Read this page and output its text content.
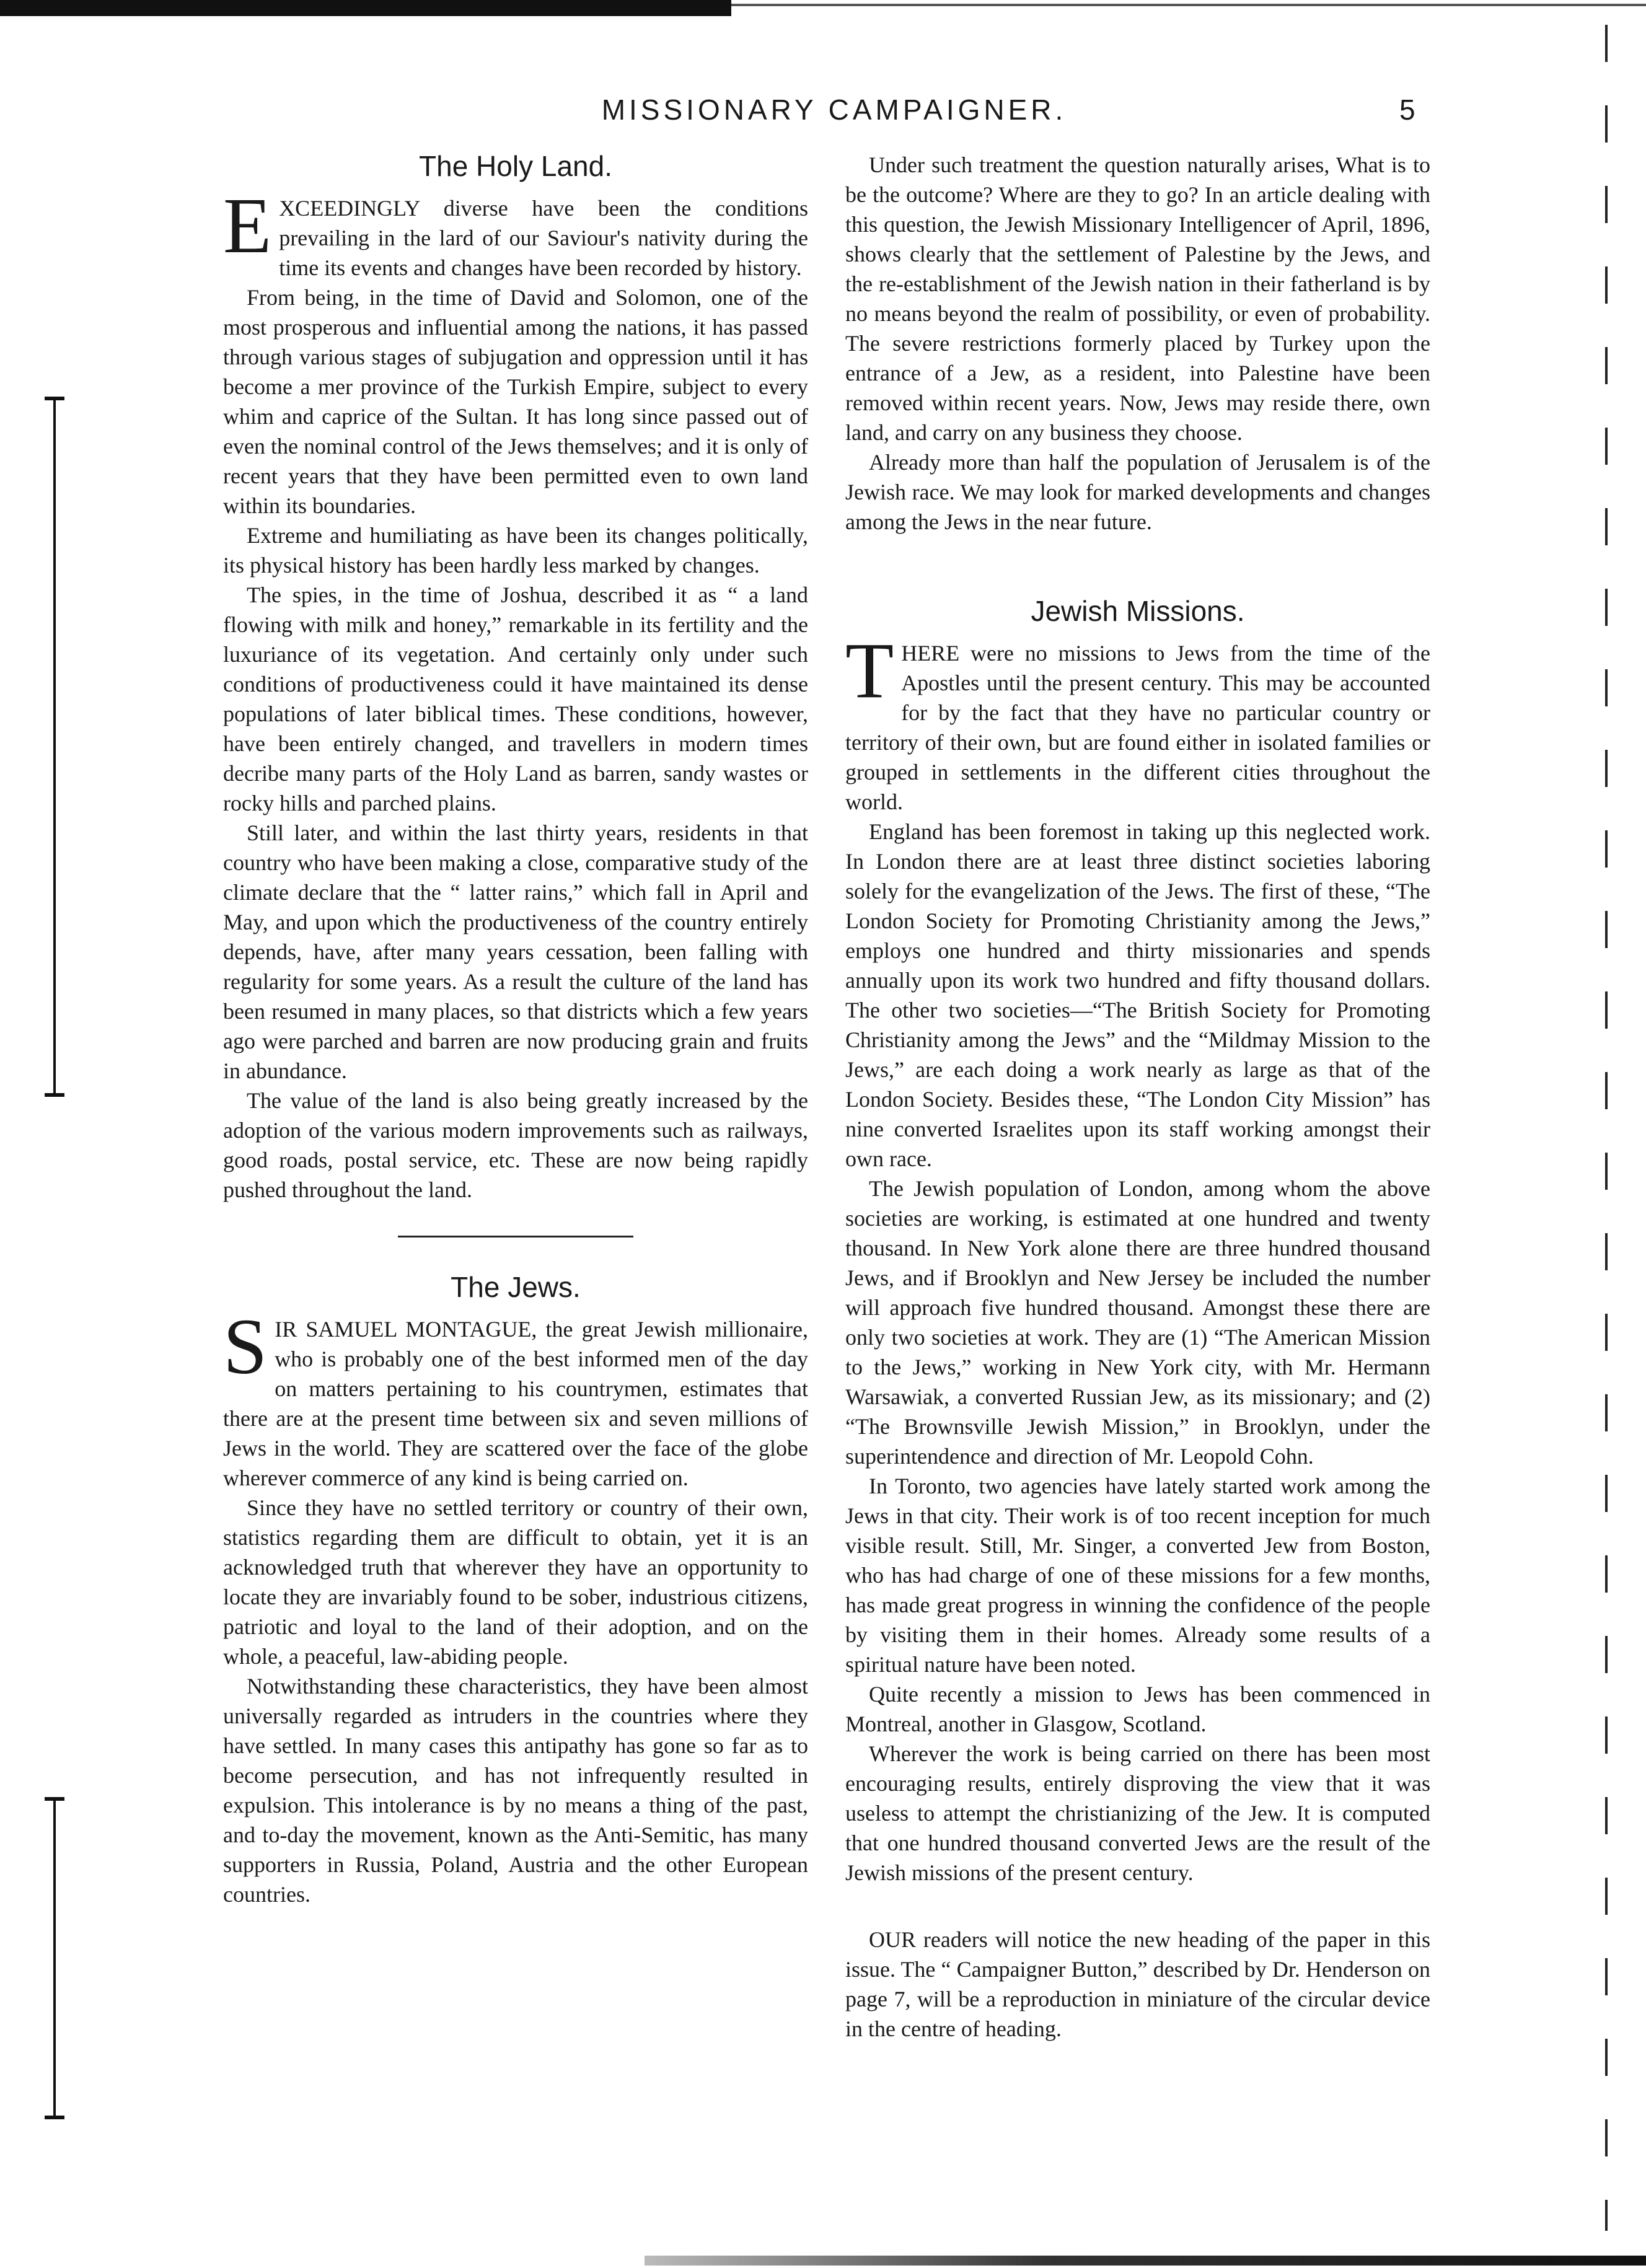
MISSIONARY CAMPAIGNER.	5
The Holy Land.

EXCEEDINGLY diverse have been the conditions prevailing in the lard of our Saviour's nativity during the time its events and changes have been recorded by history.

From being, in the time of David and Solomon, one of the most prosperous and influential among the nations, it has passed through various stages of subjugation and oppression until it has become a mer province of the Turkish Empire, subject to every whim and caprice of the Sultan. It has long since passed out of even the nominal control of the Jews themselves; and it is only of recent years that they have been permitted even to own land within its boundaries.

Extreme and humiliating as have been its changes politically, its physical history has been hardly less marked by changes.

The spies, in the time of Joshua, described it as “ a land flowing with milk and honey,” remarkable in its fertility and the luxuriance of its vegetation. And certainly only under such conditions of productiveness could it have maintained its dense populations of later biblical times. These conditions, however, have been entirely changed, and travellers in modern times decribe many parts of the Holy Land as barren, sandy wastes or rocky hills and parched plains.

Still later, and within the last thirty years, residents in that country who have been making a close, comparative study of the climate declare that the “ latter rains,” which fall in April and May, and upon which the productiveness of the country entirely depends, have, after many years cessation, been falling with regularity for some years. As a result the culture of the land has been resumed in many places, so that districts which a few years ago were parched and barren are now producing grain and fruits in abundance.

The value of the land is also being greatly increased by the adoption of the various modern improvements such as railways, good roads, postal service, etc. These are now being rapidly pushed throughout the land.

The Jews.

SIR SAMUEL MONTAGUE, the great Jewish millionaire, who is probably one of the best informed men of the day on matters pertaining to his countrymen, estimates that there are at the present time between six and seven millions of Jews in the world. They are scattered over the face of the globe wherever commerce of any kind is being carried on.

Since they have no settled territory or country of their own, statistics regarding them are difficult to obtain, yet it is an acknowledged truth that wherever they have an opportunity to locate they are invariably found to be sober, industrious citizens, patriotic and loyal to the land of their adoption, and on the whole, a peaceful, law-abiding people.

Notwithstanding these characteristics, they have been almost universally regarded as intruders in the countries where they have settled. In many cases this antipathy has gone so far as to become persecution, and has not infrequently resulted in expulsion. This intolerance is by no means a thing of the past, and to-day the movement, known as the Anti-Semitic, has many supporters in Russia, Poland, Austria and the other European countries.

Under such treatment the question naturally arises, What is to be the outcome? Where are they to go? In an article dealing with this question, the Jewish Missionary Intelligencer of April, 1896, shows clearly that the settlement of Palestine by the Jews, and the re-establishment of the Jewish nation in their fatherland is by no means beyond the realm of possibility, or even of probability. The severe restrictions formerly placed by Turkey upon the entrance of a Jew, as a resident, into Palestine have been removed within recent years. Now, Jews may reside there, own land, and carry on any business they choose.

Already more than half the population of Jerusalem is of the Jewish race. We may look for marked developments and changes among the Jews in the near future.

Jewish Missions.

THERE were no missions to Jews from the time of the Apostles until the present century. This may be accounted for by the fact that they have no particular country or territory of their own, but are found either in isolated families or grouped in settlements in the different cities throughout the world.

England has been foremost in taking up this neglected work. In London there are at least three distinct societies laboring solely for the evangelization of the Jews. The first of these, “The London Society for Promoting Christianity among the Jews,” employs one hundred and thirty missionaries and spends annually upon its work two hundred and fifty thousand dollars. The other two societies—“The British Society for Promoting Christianity among the Jews” and the “Mildmay Mission to the Jews,” are each doing a work nearly as large as that of the London Society. Besides these, “The London City Mission” has nine converted Israelites upon its staff working amongst their own race.

The Jewish population of London, among whom the above societies are working, is estimated at one hundred and twenty thousand. In New York alone there are three hundred thousand Jews, and if Brooklyn and New Jersey be included the number will approach five hundred thousand. Amongst these there are only two societies at work. They are (1) “The American Mission to the Jews,” working in New York city, with Mr. Hermann Warsawiak, a converted Russian Jew, as its missionary; and (2) “The Brownsville Jewish Mission,” in Brooklyn, under the superintendence and direction of Mr. Leopold Cohn.

In Toronto, two agencies have lately started work among the Jews in that city. Their work is of too recent inception for much visible result. Still, Mr. Singer, a converted Jew from Boston, who has had charge of one of these missions for a few months, has made great progress in winning the confidence of the people by visiting them in their homes. Already some results of a spiritual nature have been noted.

Quite recently a mission to Jews has been commenced in Montreal, another in Glasgow, Scotland.

Wherever the work is being carried on there has been most encouraging results, entirely disproving the view that it was useless to attempt the christianizing of the Jew. It is computed that one hundred thousand converted Jews are the result of the Jewish missions of the present century.

OUR readers will notice the new heading of the paper in this issue. The “ Campaigner Button,” described by Dr. Henderson on page 7, will be a reproduction in miniature of the circular device in the centre of heading.
